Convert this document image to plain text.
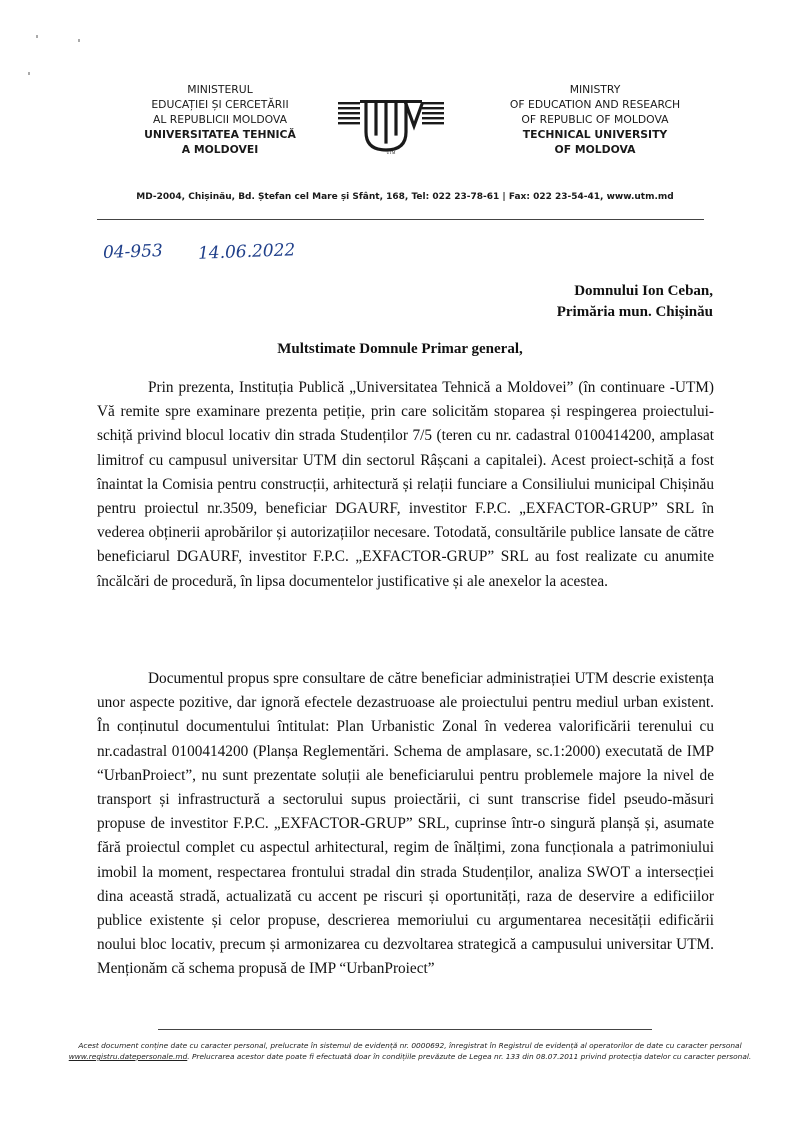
MINISTERUL
EDUCAȚIEI ȘI CERCETĂRII
AL REPUBLICII MOLDOVA
UNIVERSITATEA TEHNICĂ
A MOLDOVEI	UTM
MINISTRY
OF EDUCATION AND RESEARCH
OF REPUBLIC OF MOLDOVA
TECHNICAL UNIVERSITY
OF MOLDOVA
MD-2004, Chișinău, Bd. Ștefan cel Mare și Sfânt, 168, Tel: 022 23-78-61 | Fax: 022 23-54-41, www.utm.md
04-953 14.06.2022
Domnului Ion Ceban,
Primăria mun. Chișinău
Multstimate Domnule Primar general,

Prin prezenta, Instituția Publică „Universitatea Tehnică a Moldovei” (în continuare -UTM) Vă remite spre examinare prezenta petiție, prin care solicităm stoparea și respingerea proiectului-schiță privind blocul locativ din strada Studenților 7/5 (teren cu nr. cadastral 0100414200, amplasat limitrof cu campusul universitar UTM din sectorul Râșcani a capitalei). Acest proiect-schiță a fost înaintat la Comisia pentru construcții, arhitectură și relații funciare a Consiliului municipal Chișinău pentru proiectul nr.3509, beneficiar DGAURF, investitor F.P.C. „EXFACTOR-GRUP” SRL în vederea obținerii aprobărilor și autorizațiilor necesare. Totodată, consultările publice lansate de către beneficiarul DGAURF, investitor F.P.C. „EXFACTOR-GRUP” SRL au fost realizate cu anumite încălcări de procedură, în lipsa documentelor justificative și ale anexelor la acestea.

Documentul propus spre consultare de către beneficiar administrației UTM descrie existența unor aspecte pozitive, dar ignoră efectele dezastruoase ale proiectului pentru mediul urban existent. În conținutul documentului întitulat: Plan Urbanistic Zonal în vederea valorificării terenului cu nr.cadastral 0100414200 (Planșa Reglementări. Schema de amplasare, sc.1:2000) executată de IMP “UrbanProiect”, nu sunt prezentate soluții ale beneficiarului pentru problemele majore la nivel de transport și infrastructură a sectorului supus proiectării, ci sunt transcrise fidel pseudo-măsuri propuse de investitor F.P.C. „EXFACTOR-GRUP” SRL, cuprinse într-o singură planșă și, asumate fără proiectul complet cu aspectul arhitectural, regim de înălțimi, zona funcționala a patrimoniului imobil la moment, respectarea frontului stradal din strada Studenților, analiza SWOT a intersecției dina această stradă, actualizată cu accent pe riscuri și oportunități, raza de deservire a edificiilor publice existente și celor propuse, descrierea memoriului cu argumentarea necesității edificării noului bloc locativ, precum și armonizarea cu dezvoltarea strategică a campusului universitar UTM. Menționăm că schema propusă de IMP “UrbanProiect”

Acest document conține date cu caracter personal, prelucrate în sistemul de evidență nr. 0000692, înregistrat în Registrul de evidență al operatorilor de date cu caracter personal www.registru.datepersonale.md. Prelucrarea acestor date poate fi efectuată doar în condițiile prevăzute de Legea nr. 133 din 08.07.2011 privind protecția datelor cu caracter personal.
